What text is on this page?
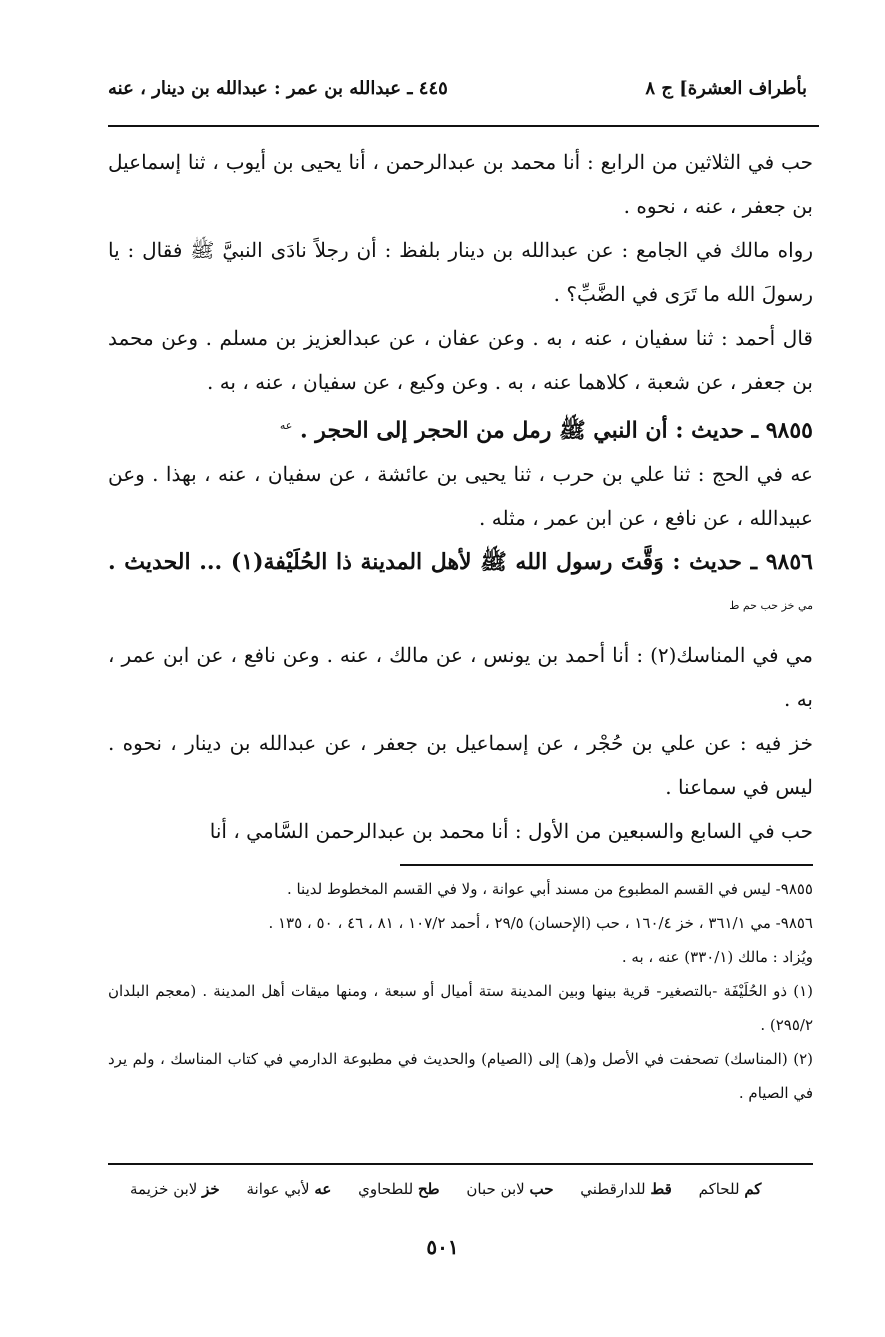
بأطراف العشرة] ج ٨
٤٤٥ ـ عبدالله بن عمر : عبدالله بن دينار ، عنه

حب في الثلاثين من الرابع : أنا محمد بن عبدالرحمن ، أنا يحيى بن أيوب ، ثنا إسماعيل بن جعفر ، عنه ، نحوه .

رواه مالك في الجامع : عن عبدالله بن دينار بلفظ : أن رجلاً نادَى النبيَّ ﷺ فقال : يا رسولَ الله ما تَرَى في الضَّبِّ؟ .

قال أحمد : ثنا سفيان ، عنه ، به . وعن عفان ، عن عبدالعزيز بن مسلم . وعن محمد بن جعفر ، عن شعبة ، كلاهما عنه ، به . وعن وكيع ، عن سفيان ، عنه ، به .

٩٨٥٥ ـ حديث : أن النبي ﷺ رمل من الحجر إلى الحجر . $^{عه}$

عه في الحج : ثنا علي بن حرب ، ثنا يحيى بن عائشة ، عن سفيان ، عنه ، بهذا . وعن عبيدالله ، عن نافع ، عن ابن عمر ، مثله .

٩٨٥٦ ـ حديث : وَقَّتَ رسول الله ﷺ لأهل المدينة ذا الحُلَيْفة(١) ... الحديث . $^{مي خز حب حم ط}$

مي في المناسك(٢) : أنا أحمد بن يونس ، عن مالك ، عنه . وعن نافع ، عن ابن عمر ، به .

خز فيه : عن علي بن حُجْر ، عن إسماعيل بن جعفر ، عن عبدالله بن دينار ، نحوه . ليس في سماعنا .

حب في السابع والسبعين من الأول : أنا محمد بن عبدالرحمن السَّامي ، أنا

٩٨٥٥- ليس في القسم المطبوع من مسند أبي عوانة ، ولا في القسم المخطوط لدينا .

٩٨٥٦- مي ٣٦١/١ ، خز ١٦٠/٤ ، حب (الإحسان) ٢٩/٥ ، أحمد ١٠٧/٢ ، ٨١ ، ٤٦ ، ٥٠ ، ١٣٥ .

ويُزاد : مالك (٣٣٠/١) عنه ، به .

(١) ذو الحُلَيْفَة -بالتصغير- قرية بينها وبين المدينة ستة أميال أو سبعة ، ومنها ميقات أهل المدينة . (معجم البلدان ٢٩٥/٢) .

(٢) (المناسك) تصحفت في الأصل و(هـ) إلى (الصيام) والحديث في مطبوعة الدارمي في كتاب المناسك ، ولم يرد في الصيام .

خز لابن خزيمة	عه لأبي عوانة	طح للطحاوي	حب لابن حبان	قط للدارقطني	كم للحاكم
٥٠١
